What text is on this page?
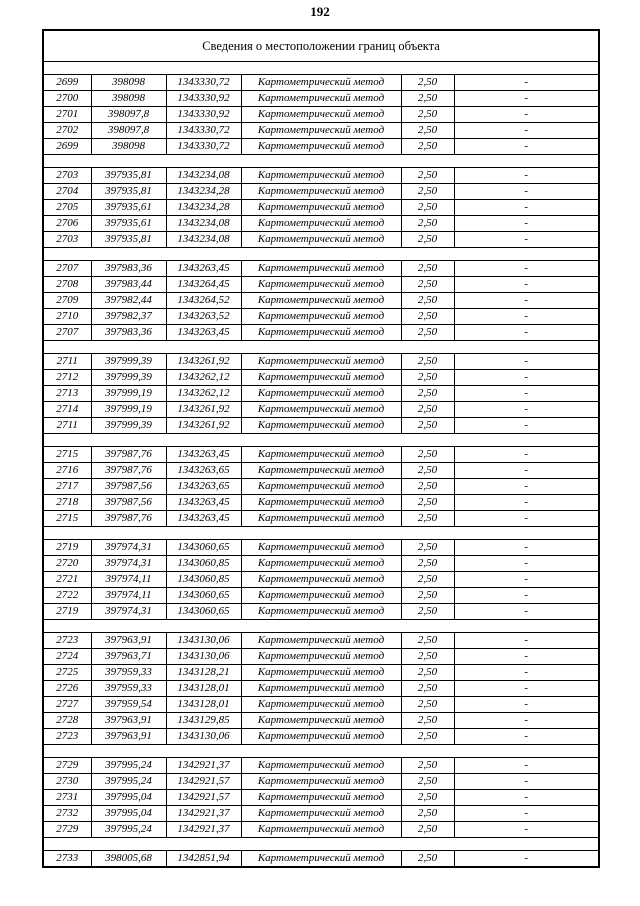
192
Сведения о местоположении границ объекта					

2699	398098	1343330,72	Картометрический метод	2,50	-
2700	398098	1343330,92	Картометрический метод	2,50	-
2701	398097,8	1343330,92	Картометрический метод	2,50	-
2702	398097,8	1343330,72	Картометрический метод	2,50	-
2699	398098	1343330,72	Картометрический метод	2,50	-

2703	397935,81	1343234,08	Картометрический метод	2,50	-
2704	397935,81	1343234,28	Картометрический метод	2,50	-
2705	397935,61	1343234,28	Картометрический метод	2,50	-
2706	397935,61	1343234,08	Картометрический метод	2,50	-
2703	397935,81	1343234,08	Картометрический метод	2,50	-

2707	397983,36	1343263,45	Картометрический метод	2,50	-
2708	397983,44	1343264,45	Картометрический метод	2,50	-
2709	397982,44	1343264,52	Картометрический метод	2,50	-
2710	397982,37	1343263,52	Картометрический метод	2,50	-
2707	397983,36	1343263,45	Картометрический метод	2,50	-

2711	397999,39	1343261,92	Картометрический метод	2,50	-
2712	397999,39	1343262,12	Картометрический метод	2,50	-
2713	397999,19	1343262,12	Картометрический метод	2,50	-
2714	397999,19	1343261,92	Картометрический метод	2,50	-
2711	397999,39	1343261,92	Картометрический метод	2,50	-

2715	397987,76	1343263,45	Картометрический метод	2,50	-
2716	397987,76	1343263,65	Картометрический метод	2,50	-
2717	397987,56	1343263,65	Картометрический метод	2,50	-
2718	397987,56	1343263,45	Картометрический метод	2,50	-
2715	397987,76	1343263,45	Картометрический метод	2,50	-

2719	397974,31	1343060,65	Картометрический метод	2,50	-
2720	397974,31	1343060,85	Картометрический метод	2,50	-
2721	397974,11	1343060,85	Картометрический метод	2,50	-
2722	397974,11	1343060,65	Картометрический метод	2,50	-
2719	397974,31	1343060,65	Картометрический метод	2,50	-

2723	397963,91	1343130,06	Картометрический метод	2,50	-
2724	397963,71	1343130,06	Картометрический метод	2,50	-
2725	397959,33	1343128,21	Картометрический метод	2,50	-
2726	397959,33	1343128,01	Картометрический метод	2,50	-
2727	397959,54	1343128,01	Картометрический метод	2,50	-
2728	397963,91	1343129,85	Картометрический метод	2,50	-
2723	397963,91	1343130,06	Картометрический метод	2,50	-

2729	397995,24	1342921,37	Картометрический метод	2,50	-
2730	397995,24	1342921,57	Картометрический метод	2,50	-
2731	397995,04	1342921,57	Картометрический метод	2,50	-
2732	397995,04	1342921,37	Картометрический метод	2,50	-
2729	397995,24	1342921,37	Картометрический метод	2,50	-

2733	398005,68	1342851,94	Картометрический метод	2,50	-
